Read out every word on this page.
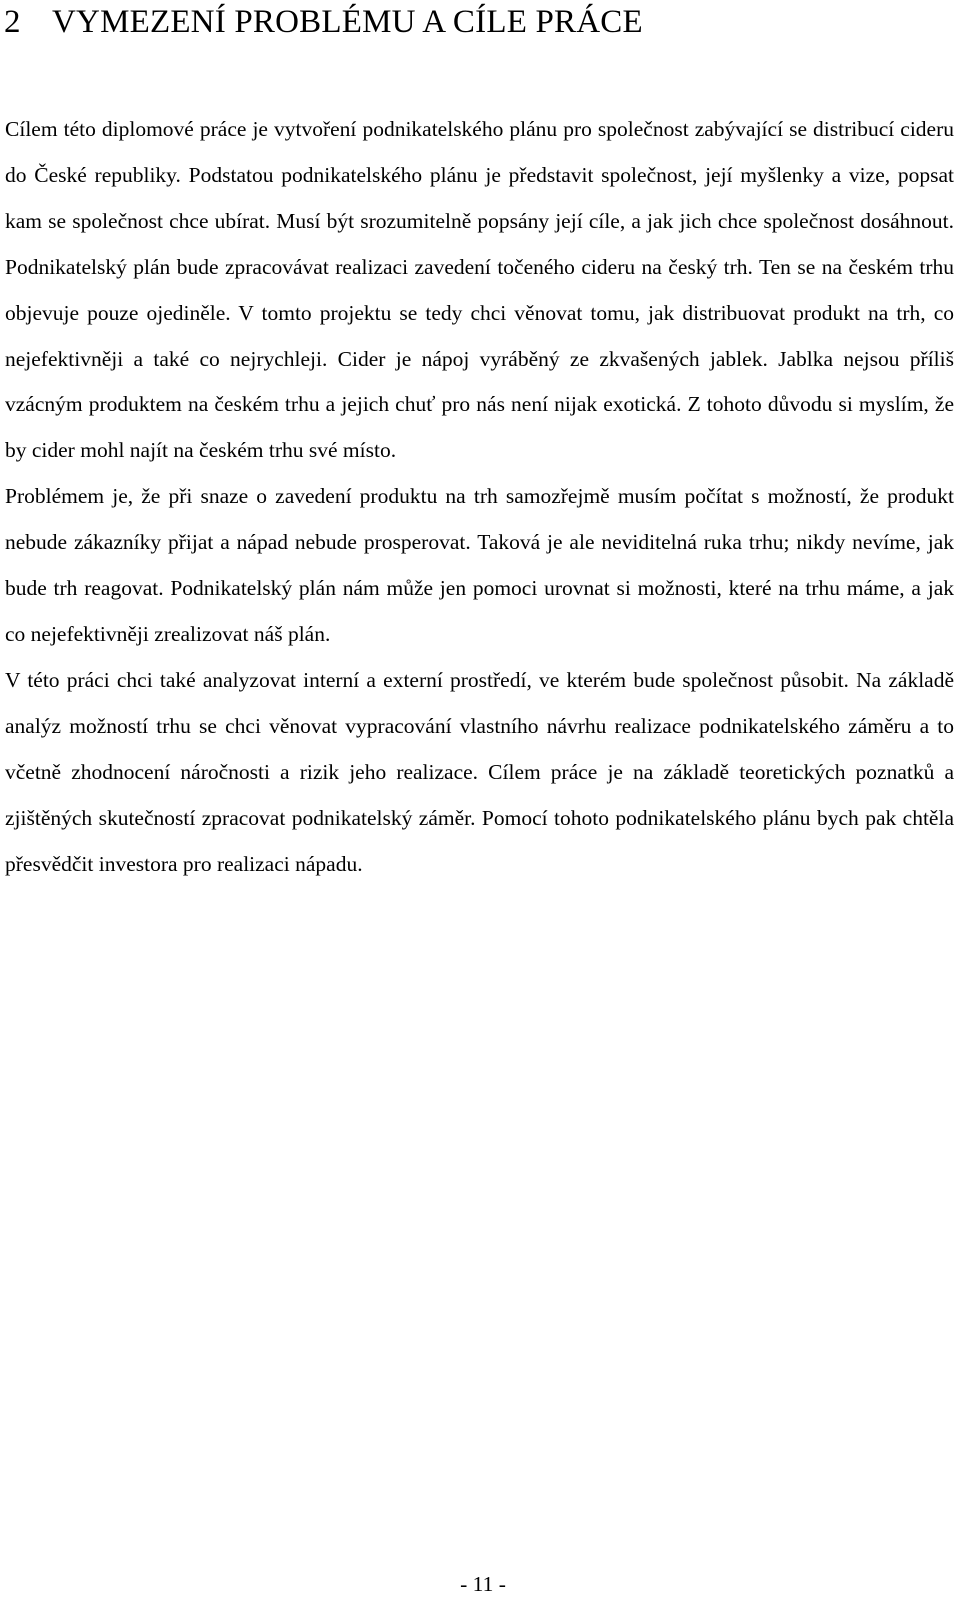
2 VYMEZENÍ PROBLÉMU A CÍLE PRÁCE

Cílem této diplomové práce je vytvoření podnikatelského plánu pro společnost zabývající se distribucí cideru do České republiky. Podstatou podnikatelského plánu je představit společnost, její myšlenky a vize, popsat kam se společnost chce ubírat. Musí být srozumitelně popsány její cíle, a jak jich chce společnost dosáhnout. Podnikatelský plán bude zpracovávat realizaci zavedení točeného cideru na český trh. Ten se na českém trhu objevuje pouze ojediněle. V tomto projektu se tedy chci věnovat tomu, jak distribuovat produkt na trh, co nejefektivněji a také co nejrychleji. Cider je nápoj vyráběný ze zkvašených jablek. Jablka nejsou příliš vzácným produktem na českém trhu a jejich chuť pro nás není nijak exotická. Z tohoto důvodu si myslím, že by cider mohl najít na českém trhu své místo.

Problémem je, že při snaze o zavedení produktu na trh samozřejmě musím počítat s možností, že produkt nebude zákazníky přijat a nápad nebude prosperovat. Taková je ale neviditelná ruka trhu; nikdy nevíme, jak bude trh reagovat. Podnikatelský plán nám může jen pomoci urovnat si možnosti, které na trhu máme, a jak co nejefektivněji zrealizovat náš plán.

V této práci chci také analyzovat interní a externí prostředí, ve kterém bude společnost působit. Na základě analýz možností trhu se chci věnovat vypracování vlastního návrhu realizace podnikatelského záměru a to včetně zhodnocení náročnosti a rizik jeho realizace. Cílem práce je na základě teoretických poznatků a zjištěných skutečností zpracovat podnikatelský záměr. Pomocí tohoto podnikatelského plánu bych pak chtěla přesvědčit investora pro realizaci nápadu.

- 11 -
